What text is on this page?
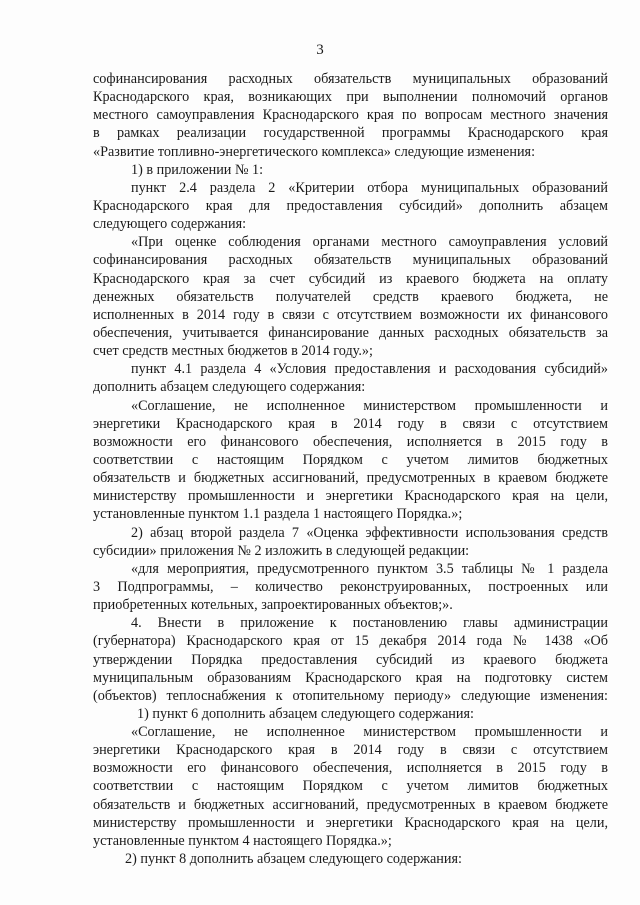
3
софинансирования расходных обязательств муниципальных образований
Краснодарского края, возникающих при выполнении полномочий органов
местного самоуправления Краснодарского края по вопросам местного значения
в рамках реализации государственной программы Краснодарского края
«Развитие топливно-энергетического комплекса» следующие изменения:
1) в приложении № 1:
пункт 2.4 раздела 2 «Критерии отбора муниципальных образований
Краснодарского края для предоставления субсидий» дополнить абзацем
следующего содержания:
«При оценке соблюдения органами местного самоуправления условий
софинансирования расходных обязательств муниципальных образований
Краснодарского края за счет субсидий из краевого бюджета на оплату
денежных обязательств получателей средств краевого бюджета, не
исполненных в 2014 году в связи с отсутствием возможности их финансового
обеспечения, учитывается финансирование данных расходных обязательств за
счет средств местных бюджетов в 2014 году.»;
пункт 4.1 раздела 4 «Условия предоставления и расходования субсидий»
дополнить абзацем следующего содержания:
«Соглашение, не исполненное министерством промышленности и
энергетики Краснодарского края в 2014 году в связи с отсутствием
возможности его финансового обеспечения, исполняется в 2015 году в
соответствии с настоящим Порядком с учетом лимитов бюджетных
обязательств и бюджетных ассигнований, предусмотренных в краевом бюджете
министерству промышленности и энергетики Краснодарского края на цели,
установленные пунктом 1.1 раздела 1 настоящего Порядка.»;
2) абзац второй раздела 7 «Оценка эффективности использования средств
субсидии» приложения № 2 изложить в следующей редакции:
«для мероприятия, предусмотренного пунктом 3.5 таблицы № 1 раздела
3 Подпрограммы, – количество реконструированных, построенных или
приобретенных котельных, запроектированных объектов;».
4. Внести в приложение к постановлению главы администрации
(губернатора) Краснодарского края от 15 декабря 2014 года № 1438 «Об
утверждении Порядка предоставления субсидий из краевого бюджета
муниципальным образованиям Краснодарского края на подготовку систем
(объектов) теплоснабжения к отопительному периоду» следующие изменения:
1) пункт 6 дополнить абзацем следующего содержания:
«Соглашение, не исполненное министерством промышленности и
энергетики Краснодарского края в 2014 году в связи с отсутствием
возможности его финансового обеспечения, исполняется в 2015 году в
соответствии с настоящим Порядком с учетом лимитов бюджетных
обязательств и бюджетных ассигнований, предусмотренных в краевом бюджете
министерству промышленности и энергетики Краснодарского края на цели,
установленные пунктом 4 настоящего Порядка.»;
2) пункт 8 дополнить абзацем следующего содержания:
